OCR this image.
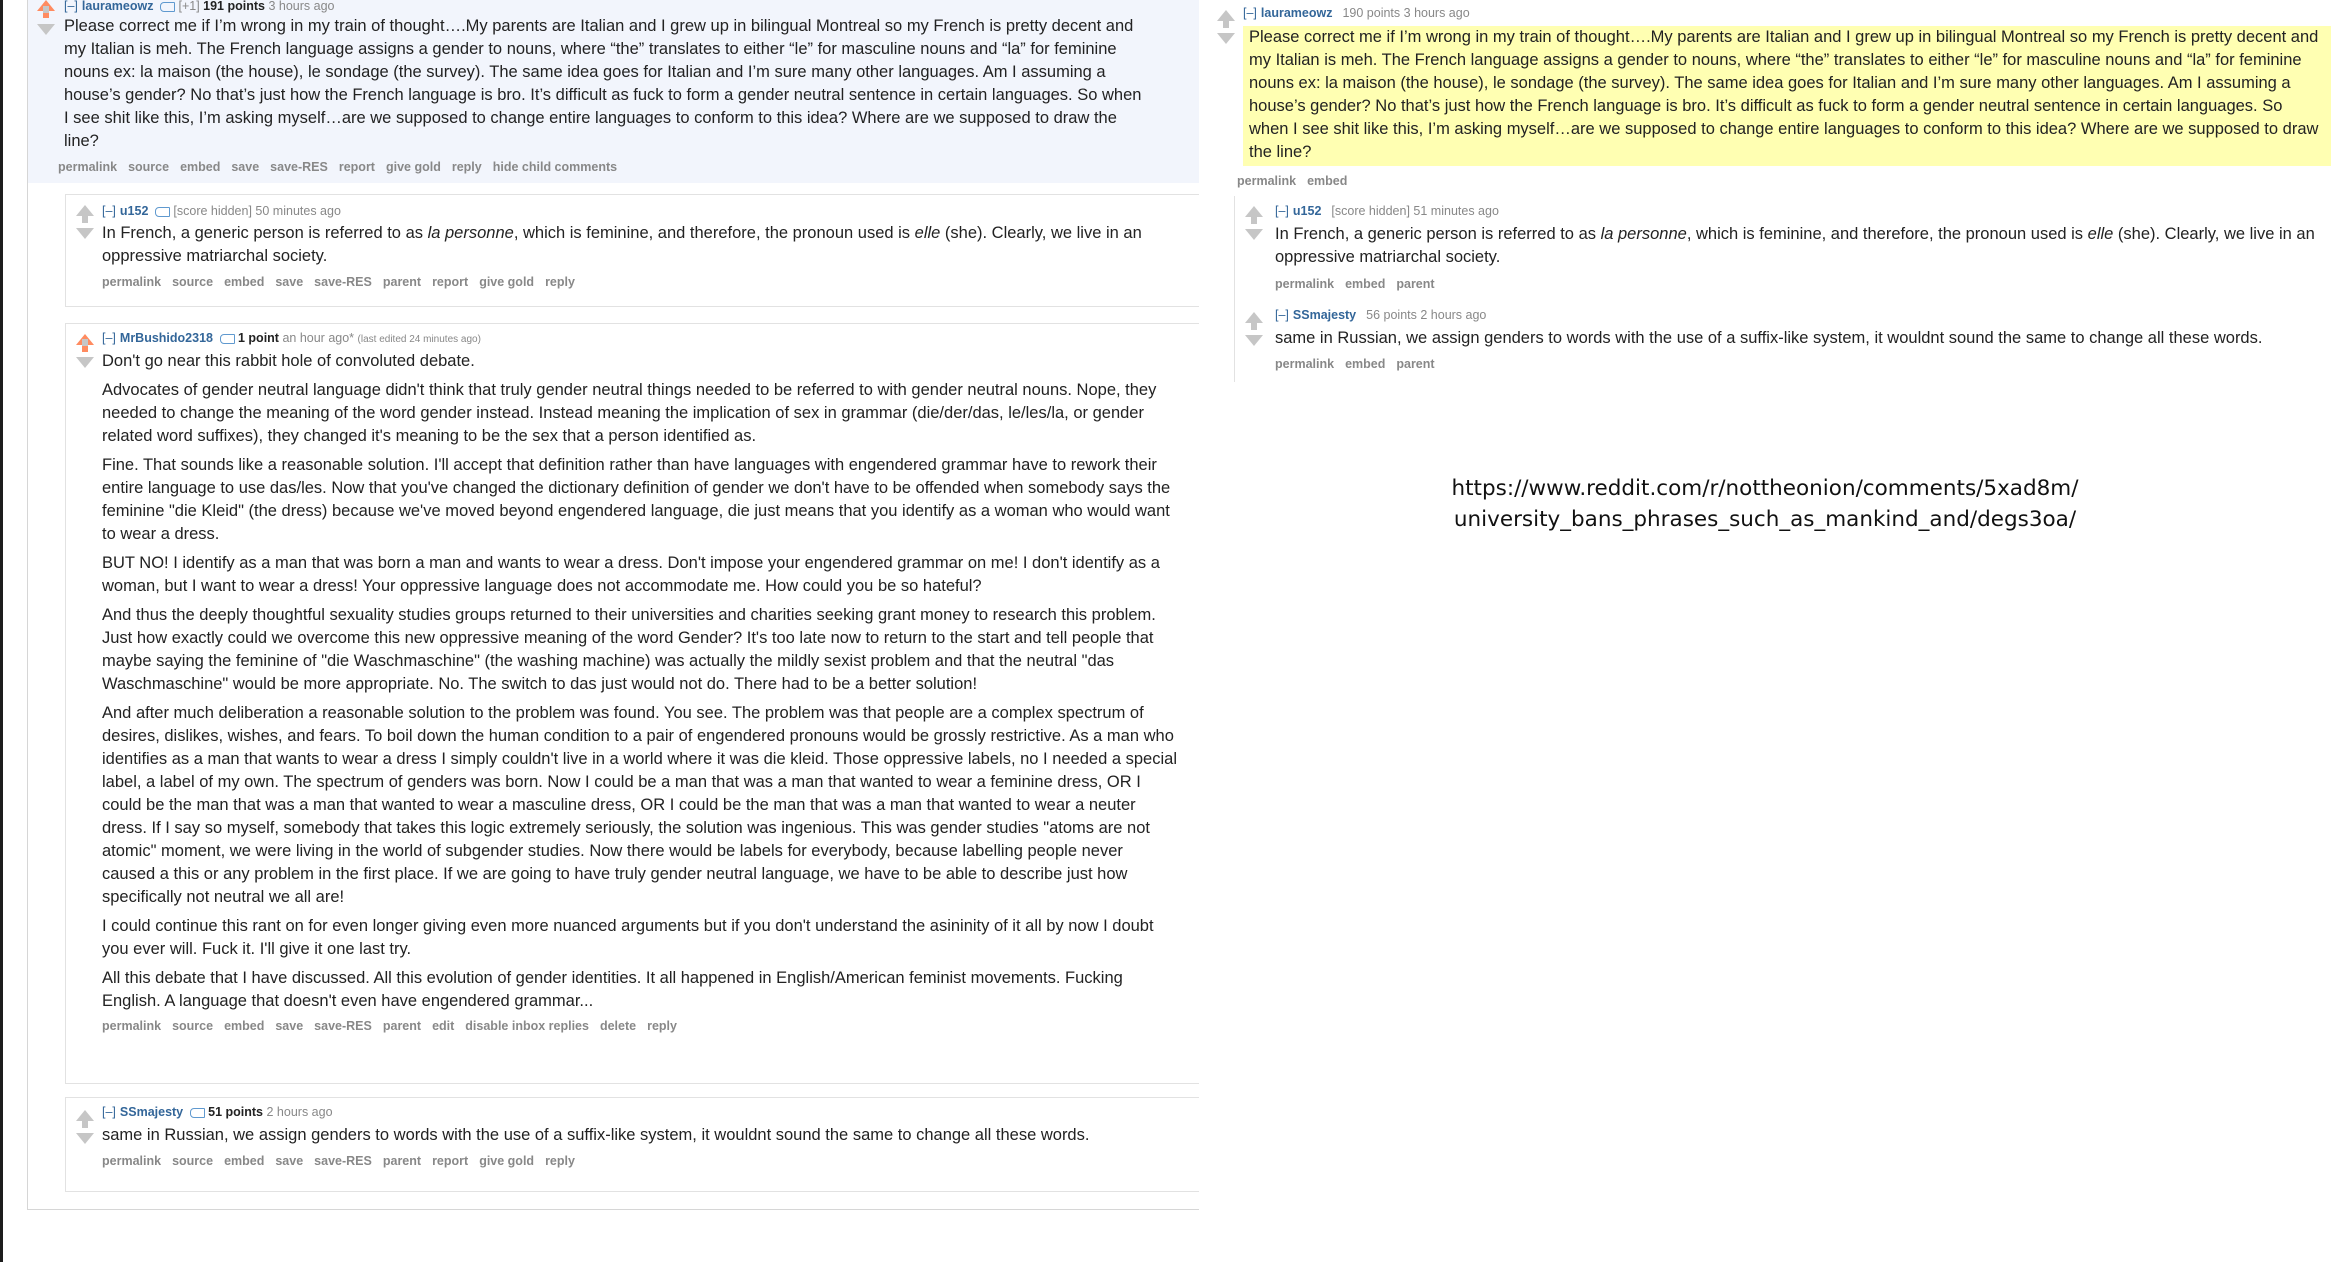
[–] laurameowz [+1] 191 points 3 hours ago

Please correct me if I’m wrong in my train of thought….My parents are Italian and I grew up in bilingual Montreal so my French is pretty decent and my Italian is meh. The French language assigns a gender to nouns, where “the” translates to either “le” for masculine nouns and “la” for feminine nouns ex: la maison (the house), le sondage (the survey). The same idea goes for Italian and I’m sure many other languages. Am I assuming a house’s gender? No that’s just how the French language is bro. It’s difficult as fuck to form a gender neutral sentence in certain languages. So when I see shit like this, I’m asking myself…are we supposed to change entire languages to conform to this idea? Where are we supposed to draw the line?

permalink source embed save save-RES report give gold reply hide child comments
[–] u152 [score hidden] 50 minutes ago

In French, a generic person is referred to as la personne, which is feminine, and therefore, the pronoun used is elle (she). Clearly, we live in an oppressive matriarchal society.

permalink source embed save save-RES parent report give gold reply
[–] MrBushido2318 1 point an hour ago* (last edited 24 minutes ago)

Don't go near this rabbit hole of convoluted debate.

Advocates of gender neutral language didn't think that truly gender neutral things needed to be referred to with gender neutral nouns. Nope, they needed to change the meaning of the word gender instead. Instead meaning the implication of sex in grammar (die/der/das, le/les/la, or gender related word suffixes), they changed it's meaning to be the sex that a person identified as.

Fine. That sounds like a reasonable solution. I'll accept that definition rather than have languages with engendered grammar have to rework their entire language to use das/les. Now that you've changed the dictionary definition of gender we don't have to be offended when somebody says the feminine "die Kleid" (the dress) because we've moved beyond engendered language, die just means that you identify as a woman who would want to wear a dress.

BUT NO! I identify as a man that was born a man and wants to wear a dress. Don't impose your engendered grammar on me! I don't identify as a woman, but I want to wear a dress! Your oppressive language does not accommodate me. How could you be so hateful?

And thus the deeply thoughtful sexuality studies groups returned to their universities and charities seeking grant money to research this problem. Just how exactly could we overcome this new oppressive meaning of the word Gender? It's too late now to return to the start and tell people that maybe saying the feminine of "die Waschmaschine" (the washing machine) was actually the mildly sexist problem and that the neutral "das Waschmaschine" would be more appropriate. No. The switch to das just would not do. There had to be a better solution!

And after much deliberation a reasonable solution to the problem was found. You see. The problem was that people are a complex spectrum of desires, dislikes, wishes, and fears. To boil down the human condition to a pair of engendered pronouns would be grossly restrictive. As a man who identifies as a man that wants to wear a dress I simply couldn't live in a world where it was die kleid. Those oppressive labels, no I needed a special label, a label of my own. The spectrum of genders was born. Now I could be a man that was a man that wanted to wear a feminine dress, OR I could be the man that was a man that wanted to wear a masculine dress, OR I could be the man that was a man that wanted to wear a neuter dress. If I say so myself, somebody that takes this logic extremely seriously, the solution was ingenious. This was gender studies "atoms are not atomic" moment, we were living in the world of subgender studies. Now there would be labels for everybody, because labelling people never caused a this or any problem in the first place. If we are going to have truly gender neutral language, we have to be able to describe just how specifically not neutral we all are!

I could continue this rant on for even longer giving even more nuanced arguments but if you don't understand the asininity of it all by now I doubt you ever will. Fuck it. I'll give it one last try.

All this debate that I have discussed. All this evolution of gender identities. It all happened in English/American feminist movements. Fucking English. A language that doesn't even have engendered grammar...

permalink source embed save save-RES parent edit disable inbox replies delete reply
[–] SSmajesty 51 points 2 hours ago

same in Russian, we assign genders to words with the use of a suffix-like system, it wouldnt sound the same to change all these words.

permalink source embed save save-RES parent report give gold reply
[–] laurameowz 190 points 3 hours ago

Please correct me if I’m wrong in my train of thought….My parents are Italian and I grew up in bilingual Montreal so my French is pretty decent and my Italian is meh. The French language assigns a gender to nouns, where “the” translates to either “le” for masculine nouns and “la” for feminine nouns ex: la maison (the house), le sondage (the survey). The same idea goes for Italian and I’m sure many other languages. Am I assuming a house’s gender? No that’s just how the French language is bro. It’s difficult as fuck to form a gender neutral sentence in certain languages. So when I see shit like this, I’m asking myself…are we supposed to change entire languages to conform to this idea? Where are we supposed to draw the line?

permalink embed
[–] u152 [score hidden] 51 minutes ago

In French, a generic person is referred to as la personne, which is feminine, and therefore, the pronoun used is elle (she). Clearly, we live in an oppressive matriarchal society.

permalink embed parent
[–] SSmajesty 56 points 2 hours ago

same in Russian, we assign genders to words with the use of a suffix-like system, it wouldnt sound the same to change all these words.

permalink embed parent
https://www.reddit.com/r/nottheonion/comments/5xad8m/
university_bans_phrases_such_as_mankind_and/degs3oa/
